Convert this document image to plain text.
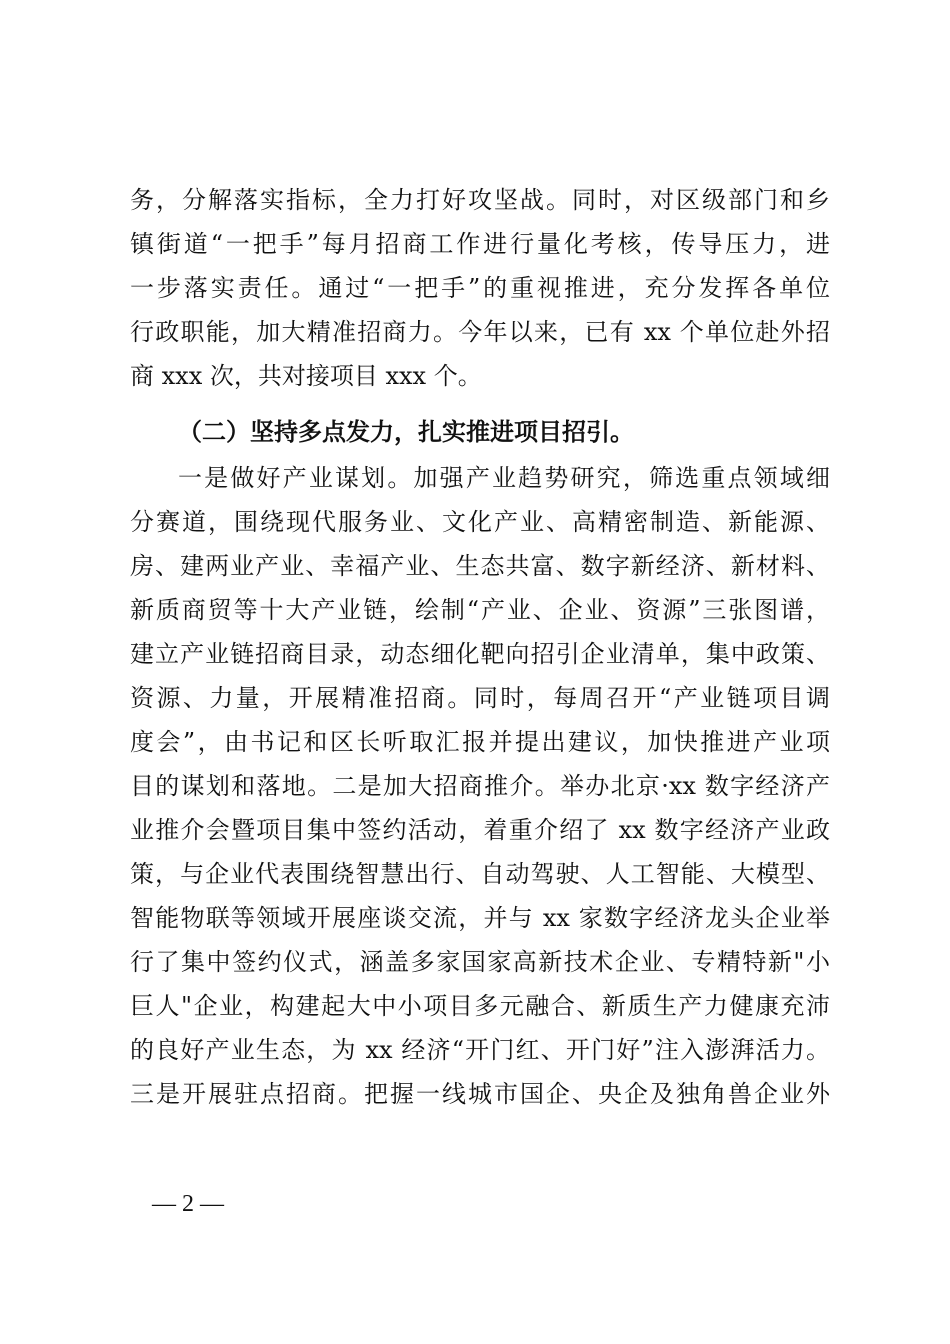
务，分解落实指标，全力打好攻坚战。同时，对区级部门和乡
镇街道“一把手”每月招商工作进行量化考核，传导压力，进
一步落实责任。通过“一把手”的重视推进，充分发挥各单位
行政职能，加大精准招商力。今年以来，已有 xx 个单位赴外招
商 xxx 次，共对接项目 xxx 个。
（二）坚持多点发力，扎实推进项目招引。
一是做好产业谋划。加强产业趋势研究，筛选重点领域细
分赛道，围绕现代服务业、文化产业、高精密制造、新能源、
房、建两业产业、幸福产业、生态共富、数字新经济、新材料、
新质商贸等十大产业链，绘制“产业、企业、资源”三张图谱，
建立产业链招商目录，动态细化靶向招引企业清单，集中政策、
资源、力量，开展精准招商。同时，每周召开“产业链项目调
度会”，由书记和区长听取汇报并提出建议，加快推进产业项
目的谋划和落地。二是加大招商推介。举办北京·xx 数字经济产
业推介会暨项目集中签约活动，着重介绍了 xx 数字经济产业政
策，与企业代表围绕智慧出行、自动驾驶、人工智能、大模型、
智能物联等领域开展座谈交流，并与 xx 家数字经济龙头企业举
行了集中签约仪式，涵盖多家国家高新技术企业、专精特新"小
巨人"企业，构建起大中小项目多元融合、新质生产力健康充沛
的良好产业生态，为 xx 经济“开门红、开门好”注入澎湃活力。
三是开展驻点招商。把握一线城市国企、央企及独角兽企业外
— 2 —
